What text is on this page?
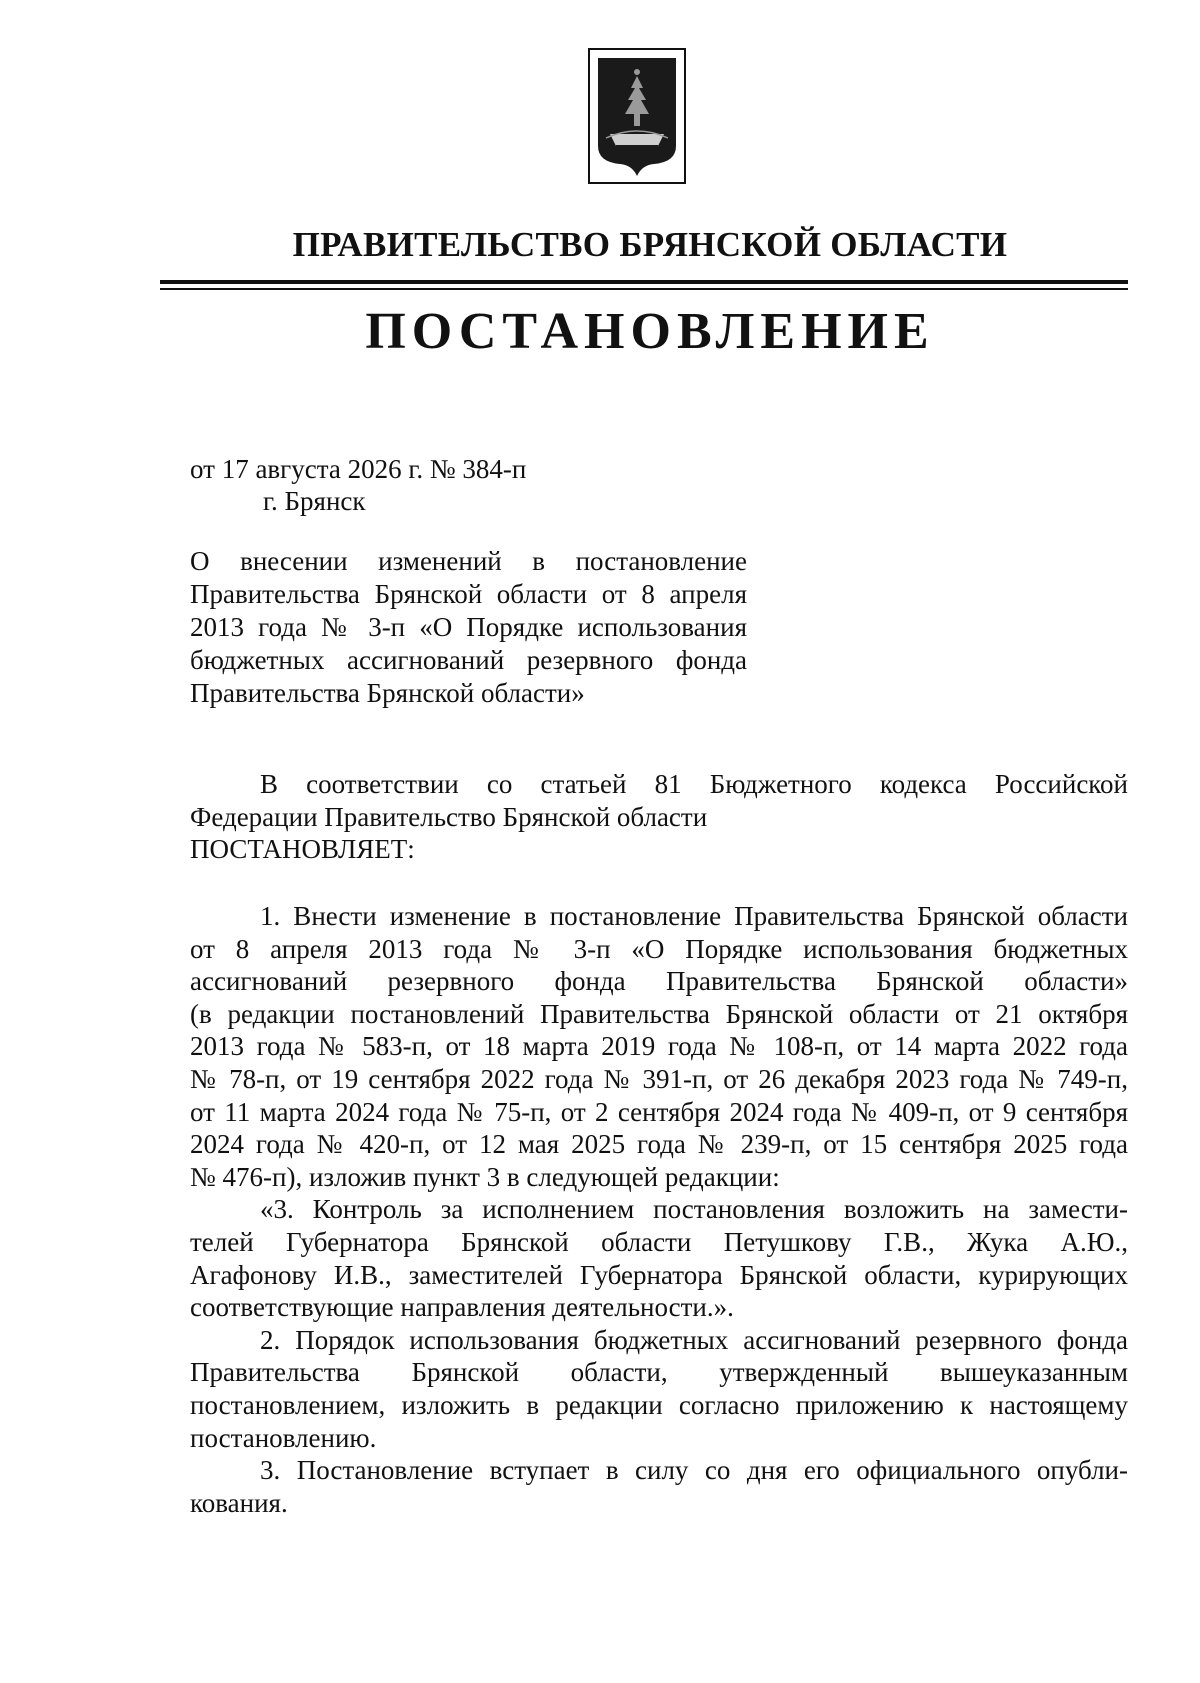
ПРАВИТЕЛЬСТВО БРЯНСКОЙ ОБЛАСТИ
ПОСТАНОВЛЕНИЕ
от 17 августа 2026 г. № 384-п
г. Брянск
О внесении изменений в постановление
Правительства Брянской области от 8 апреля
2013 года № 3-п «О Порядке использования
бюджетных ассигнований резервного фонда
Правительства Брянской области»
В соответствии со статьей 81 Бюджетного кодекса Российской
Федерации Правительство Брянской области
ПОСТАНОВЛЯЕТ:
1. Внести изменение в постановление Правительства Брянской области
от 8 апреля 2013 года № 3-п «О Порядке использования бюджетных
ассигнований резервного фонда Правительства Брянской области»
(в редакции постановлений Правительства Брянской области от 21 октября
2013 года № 583-п, от 18 марта 2019 года № 108-п, от 14 марта 2022 года
№ 78-п, от 19 сентября 2022 года № 391-п, от 26 декабря 2023 года № 749-п,
от 11 марта 2024 года № 75-п, от 2 сентября 2024 года № 409-п, от 9 сентября
2024 года № 420-п, от 12 мая 2025 года № 239-п, от 15 сентября 2025 года
№ 476-п), изложив пункт 3 в следующей редакции:
«3. Контроль за исполнением постановления возложить на замести-
телей Губернатора Брянской области Петушкову Г.В., Жука А.Ю.,
Агафонову И.В., заместителей Губернатора Брянской области, курирующих
соответствующие направления деятельности.».
2. Порядок использования бюджетных ассигнований резервного фонда
Правительства Брянской области, утвержденный вышеуказанным
постановлением, изложить в редакции согласно приложению к настоящему
постановлению.
3. Постановление вступает в силу со дня его официального опубли-
кования.
